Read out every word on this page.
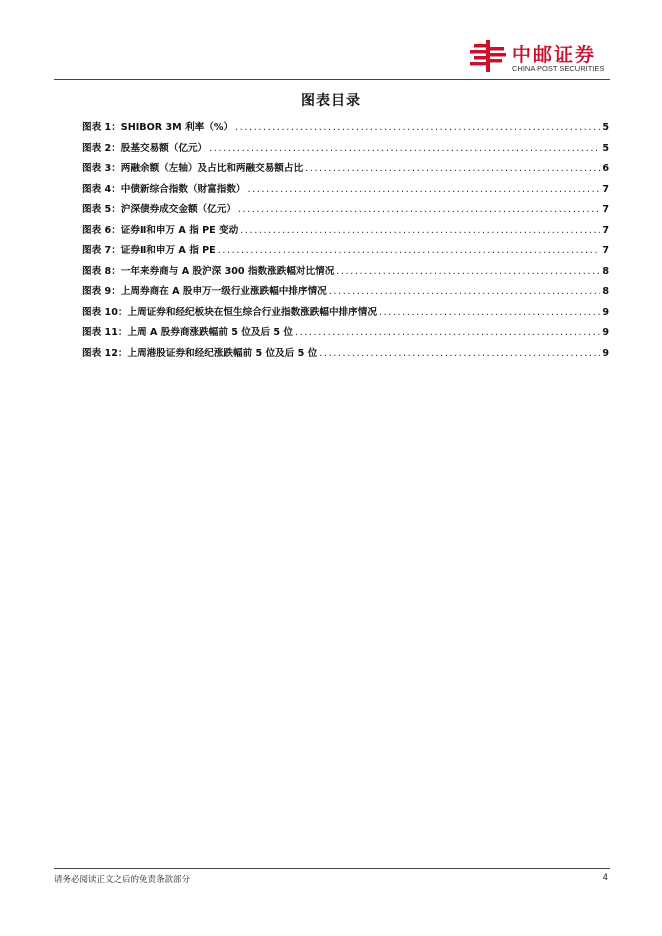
中邮证券
CHINA POST SECURITIES
图表目录
图表 1： SHIBOR 3M 利率（%） .....	5
图表 2： 股基交易额（亿元） .....	5
图表 3： 两融余额（左轴）及占比和两融交易额占比 .....	6
图表 4： 中债新综合指数（财富指数） .....	7
图表 5： 沪深债券成交金额（亿元） .....	7
图表 6： 证券Ⅱ和申万 A 指 PE 变动 .....	7
图表 7： 证券Ⅱ和申万 A 指 PE .....	7
图表 8： 一年来券商与 A 股沪深 300 指数涨跌幅对比情况 .....	8
图表 9： 上周券商在 A 股申万一级行业涨跌幅中排序情况 .....	8
图表 10： 上周证券和经纪板块在恒生综合行业指数涨跌幅中排序情况 .....	9
图表 11： 上周 A 股券商涨跌幅前 5 位及后 5 位 .....	9
图表 12： 上周港股证券和经纪涨跌幅前 5 位及后 5 位 .....	9
请务必阅读正文之后的免责条款部分	4
